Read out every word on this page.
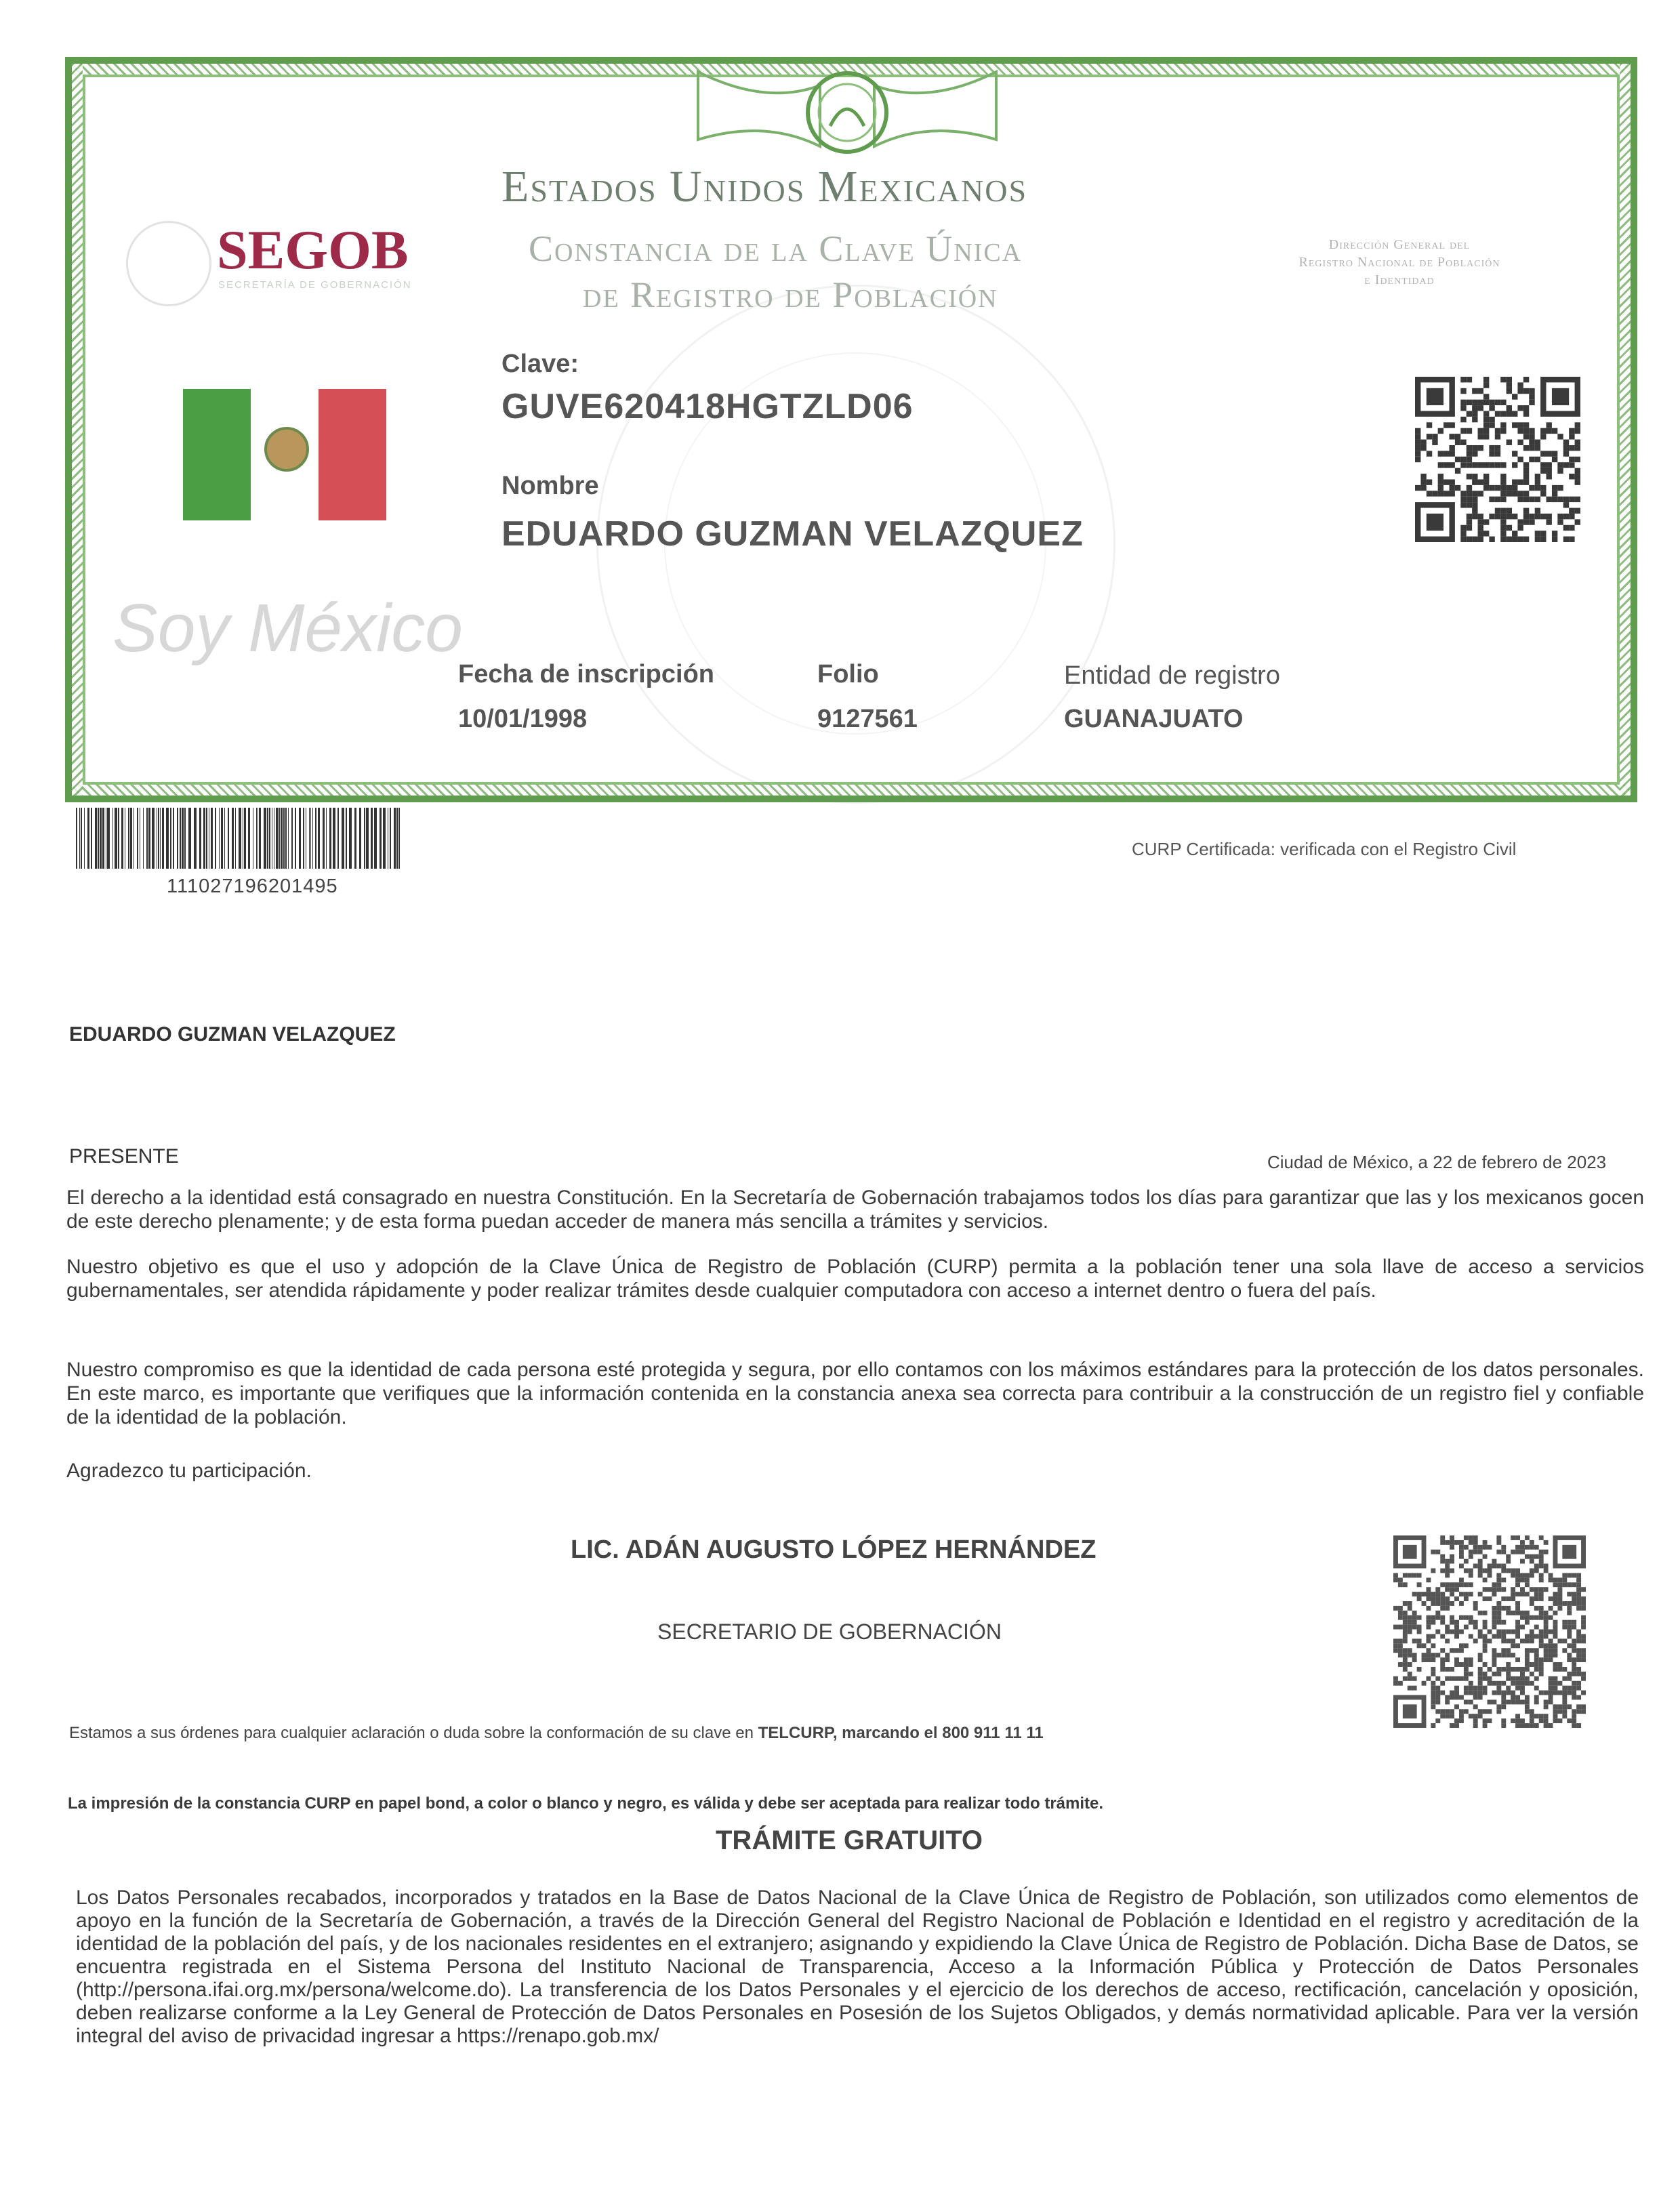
Estados Unidos Mexicanos
Constancia de la Clave Única
de Registro de Población
Dirección General del
Registro Nacional de Población
e Identidad
SEGOB
SECRETARÍA DE GOBERNACIÓN
Soy México
Clave:
GUVE620418HGTZLD06
Nombre
EDUARDO GUZMAN VELAZQUEZ
Fecha de inscripción
10/01/1998
Folio
9127561
Entidad de registro
GUANAJUATO
111027196201495
CURP Certificada: verificada con el Registro Civil
EDUARDO GUZMAN VELAZQUEZ
PRESENTE	Ciudad de México, a 22 de febrero de 2023
El derecho a la identidad está consagrado en nuestra Constitución. En la Secretaría de Gobernación trabajamos todos los días para garantizar que las y los mexicanos gocen de este derecho plenamente; y de esta forma puedan acceder de manera más sencilla a trámites y servicios.
Nuestro objetivo es que el uso y adopción de la Clave Única de Registro de Población (CURP) permita a la población tener una sola llave de acceso a servicios gubernamentales, ser atendida rápidamente y poder realizar trámites desde cualquier computadora con acceso a internet dentro o fuera del país.
Nuestro compromiso es que la identidad de cada persona esté protegida y segura, por ello contamos con los máximos estándares para la protección de los datos personales. En este marco, es importante que verifiques que la información contenida en la constancia anexa sea correcta para contribuir a la construcción de un registro fiel y confiable de la identidad de la población.
Agradezco tu participación.
LIC. ADÁN AUGUSTO LÓPEZ HERNÁNDEZ
SECRETARIO DE GOBERNACIÓN
Estamos a sus órdenes para cualquier aclaración o duda sobre la conformación de su clave en TELCURP, marcando el 800 911 11 11
La impresión de la constancia CURP en papel bond, a color o blanco y negro, es válida y debe ser aceptada para realizar todo trámite.
TRÁMITE GRATUITO
Los Datos Personales recabados, incorporados y tratados en la Base de Datos Nacional de la Clave Única de Registro de Población, son utilizados como elementos de apoyo en la función de la Secretaría de Gobernación, a través de la Dirección General del Registro Nacional de Población e Identidad en el registro y acreditación de la identidad de la población del país, y de los nacionales residentes en el extranjero; asignando y expidiendo la Clave Única de Registro de Población. Dicha Base de Datos, se encuentra registrada en el Sistema Persona del Instituto Nacional de Transparencia, Acceso a la Información Pública y Protección de Datos Personales (http://persona.ifai.org.mx/persona/welcome.do). La transferencia de los Datos Personales y el ejercicio de los derechos de acceso, rectificación, cancelación y oposición, deben realizarse conforme a la Ley General de Protección de Datos Personales en Posesión de los Sujetos Obligados, y demás normatividad aplicable. Para ver la versión integral del aviso de privacidad ingresar a https://renapo.gob.mx/
